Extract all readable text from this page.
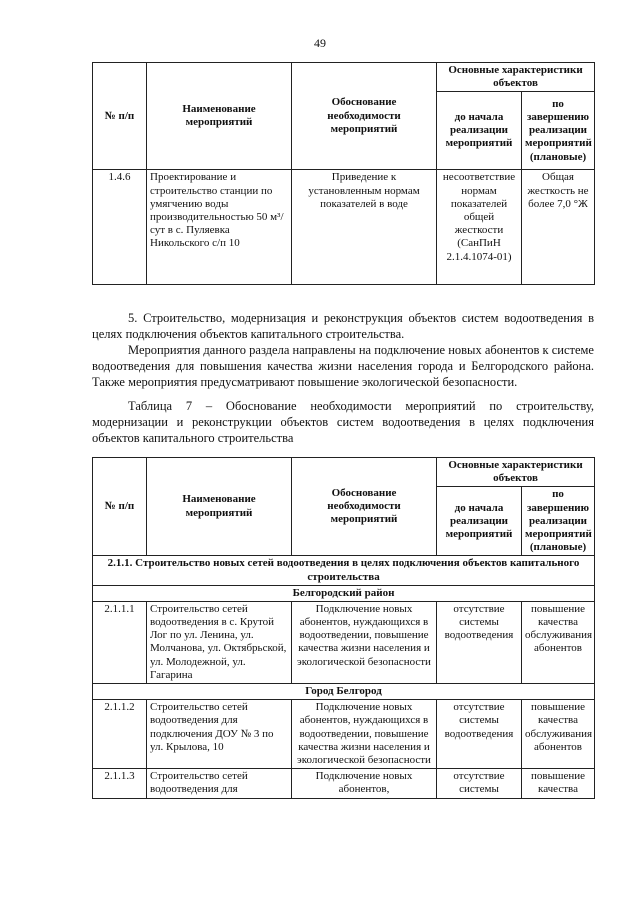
49
№ п/п	Наименование мероприятий	Обоснование необходимости мероприятий	Основные характеристики объектов	
			до начала реализации мероприятий	по завершению реализации мероприятий (плановые)
1.4.6	Проектирование и строительство станции по умягчению воды производительностью 50 м³/сут в с. Пуляевка Никольского с/п 10	Приведение к установленным нормам показателей в воде	несоответствие нормам показателей общей жесткости (СанПиН 2.1.4.1074-01)	Общая жесткость не более 7,0 °Ж

5. Строительство, модернизация и реконструкция объектов систем водоотведения в целях подключения объектов капитального строительства.

Мероприятия данного раздела направлены на подключение новых абонентов к системе водоотведения для повышения качества жизни населения города и Белгородского района. Также мероприятия предусматривают повышение экологической безопасности.

Таблица 7 – Обоснование необходимости мероприятий по строительству, модернизации и реконструкции объектов систем водоотведения в целях подключения объектов капитального строительства

№ п/п	Наименование мероприятий	Обоснование необходимости мероприятий	Основные характеристики объектов	
			до начала реализации мероприятий	по завершению реализации мероприятий (плановые)
2.1.1. Строительство новых сетей водоотведения в целях подключения объектов капитального строительства				
Белгородский район				
2.1.1.1	Строительство сетей водоотведения в с. Крутой Лог по ул. Ленина, ул. Молчанова, ул. Октябрьской, ул. Молодежной, ул. Гагарина	Подключение новых абонентов, нуждающихся в водоотведении, повышение качества жизни населения и экологической безопасности	отсутствие системы водоотведения	повышение качества обслуживания абонентов
Город Белгород				
2.1.1.2	Строительство сетей водоотведения для подключения ДОУ № 3 по ул. Крылова, 10	Подключение новых абонентов, нуждающихся в водоотведении, повышение качества жизни населения и экологической безопасности	отсутствие системы водоотведения	повышение качества обслуживания абонентов
2.1.1.3	Строительство сетей водоотведения для	Подключение новых абонентов,	отсутствие системы	повышение качества
